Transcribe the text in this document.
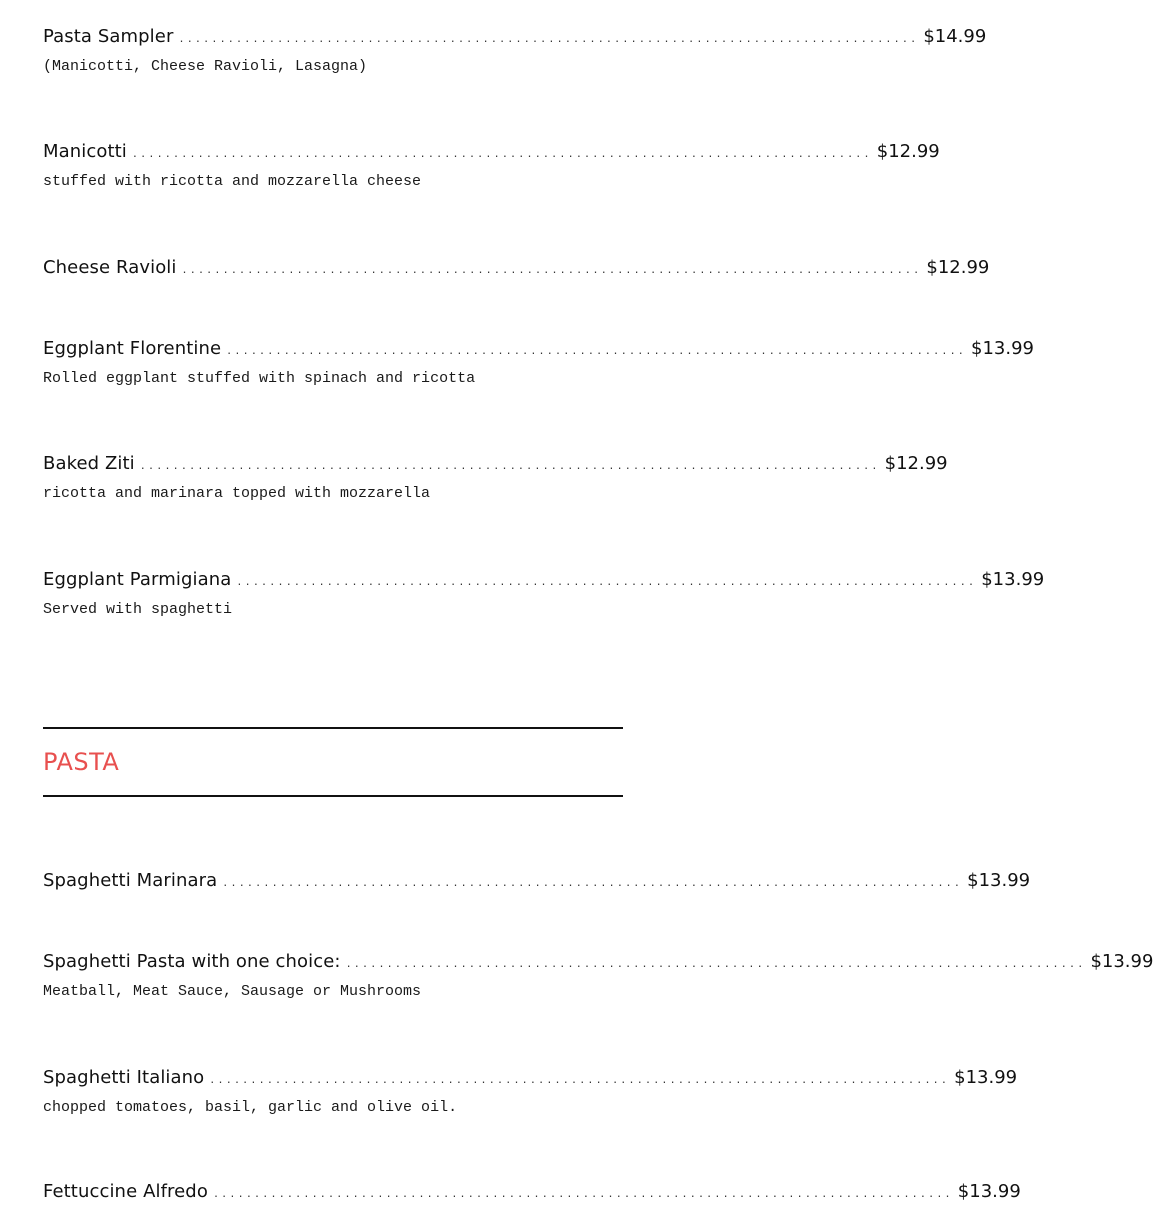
Pasta Sampler .......................................................................................... $14.99
(Manicotti, Cheese Ravioli, Lasagna)
Manicotti .......................................................................................... $12.99
stuffed with ricotta and mozzarella cheese
Cheese Ravioli .......................................................................................... $12.99
Eggplant Florentine .......................................................................................... $13.99
Rolled eggplant stuffed with spinach and ricotta
Baked Ziti .......................................................................................... $12.99
ricotta and marinara topped with mozzarella
Eggplant Parmigiana .......................................................................................... $13.99
Served with spaghetti
PASTA
Spaghetti Marinara .......................................................................................... $13.99
Spaghetti Pasta with one choice: .......................................................................................... $13.99
Meatball, Meat Sauce, Sausage or Mushrooms
Spaghetti Italiano .......................................................................................... $13.99
chopped tomatoes, basil, garlic and olive oil.
Fettuccine Alfredo .......................................................................................... $13.99
